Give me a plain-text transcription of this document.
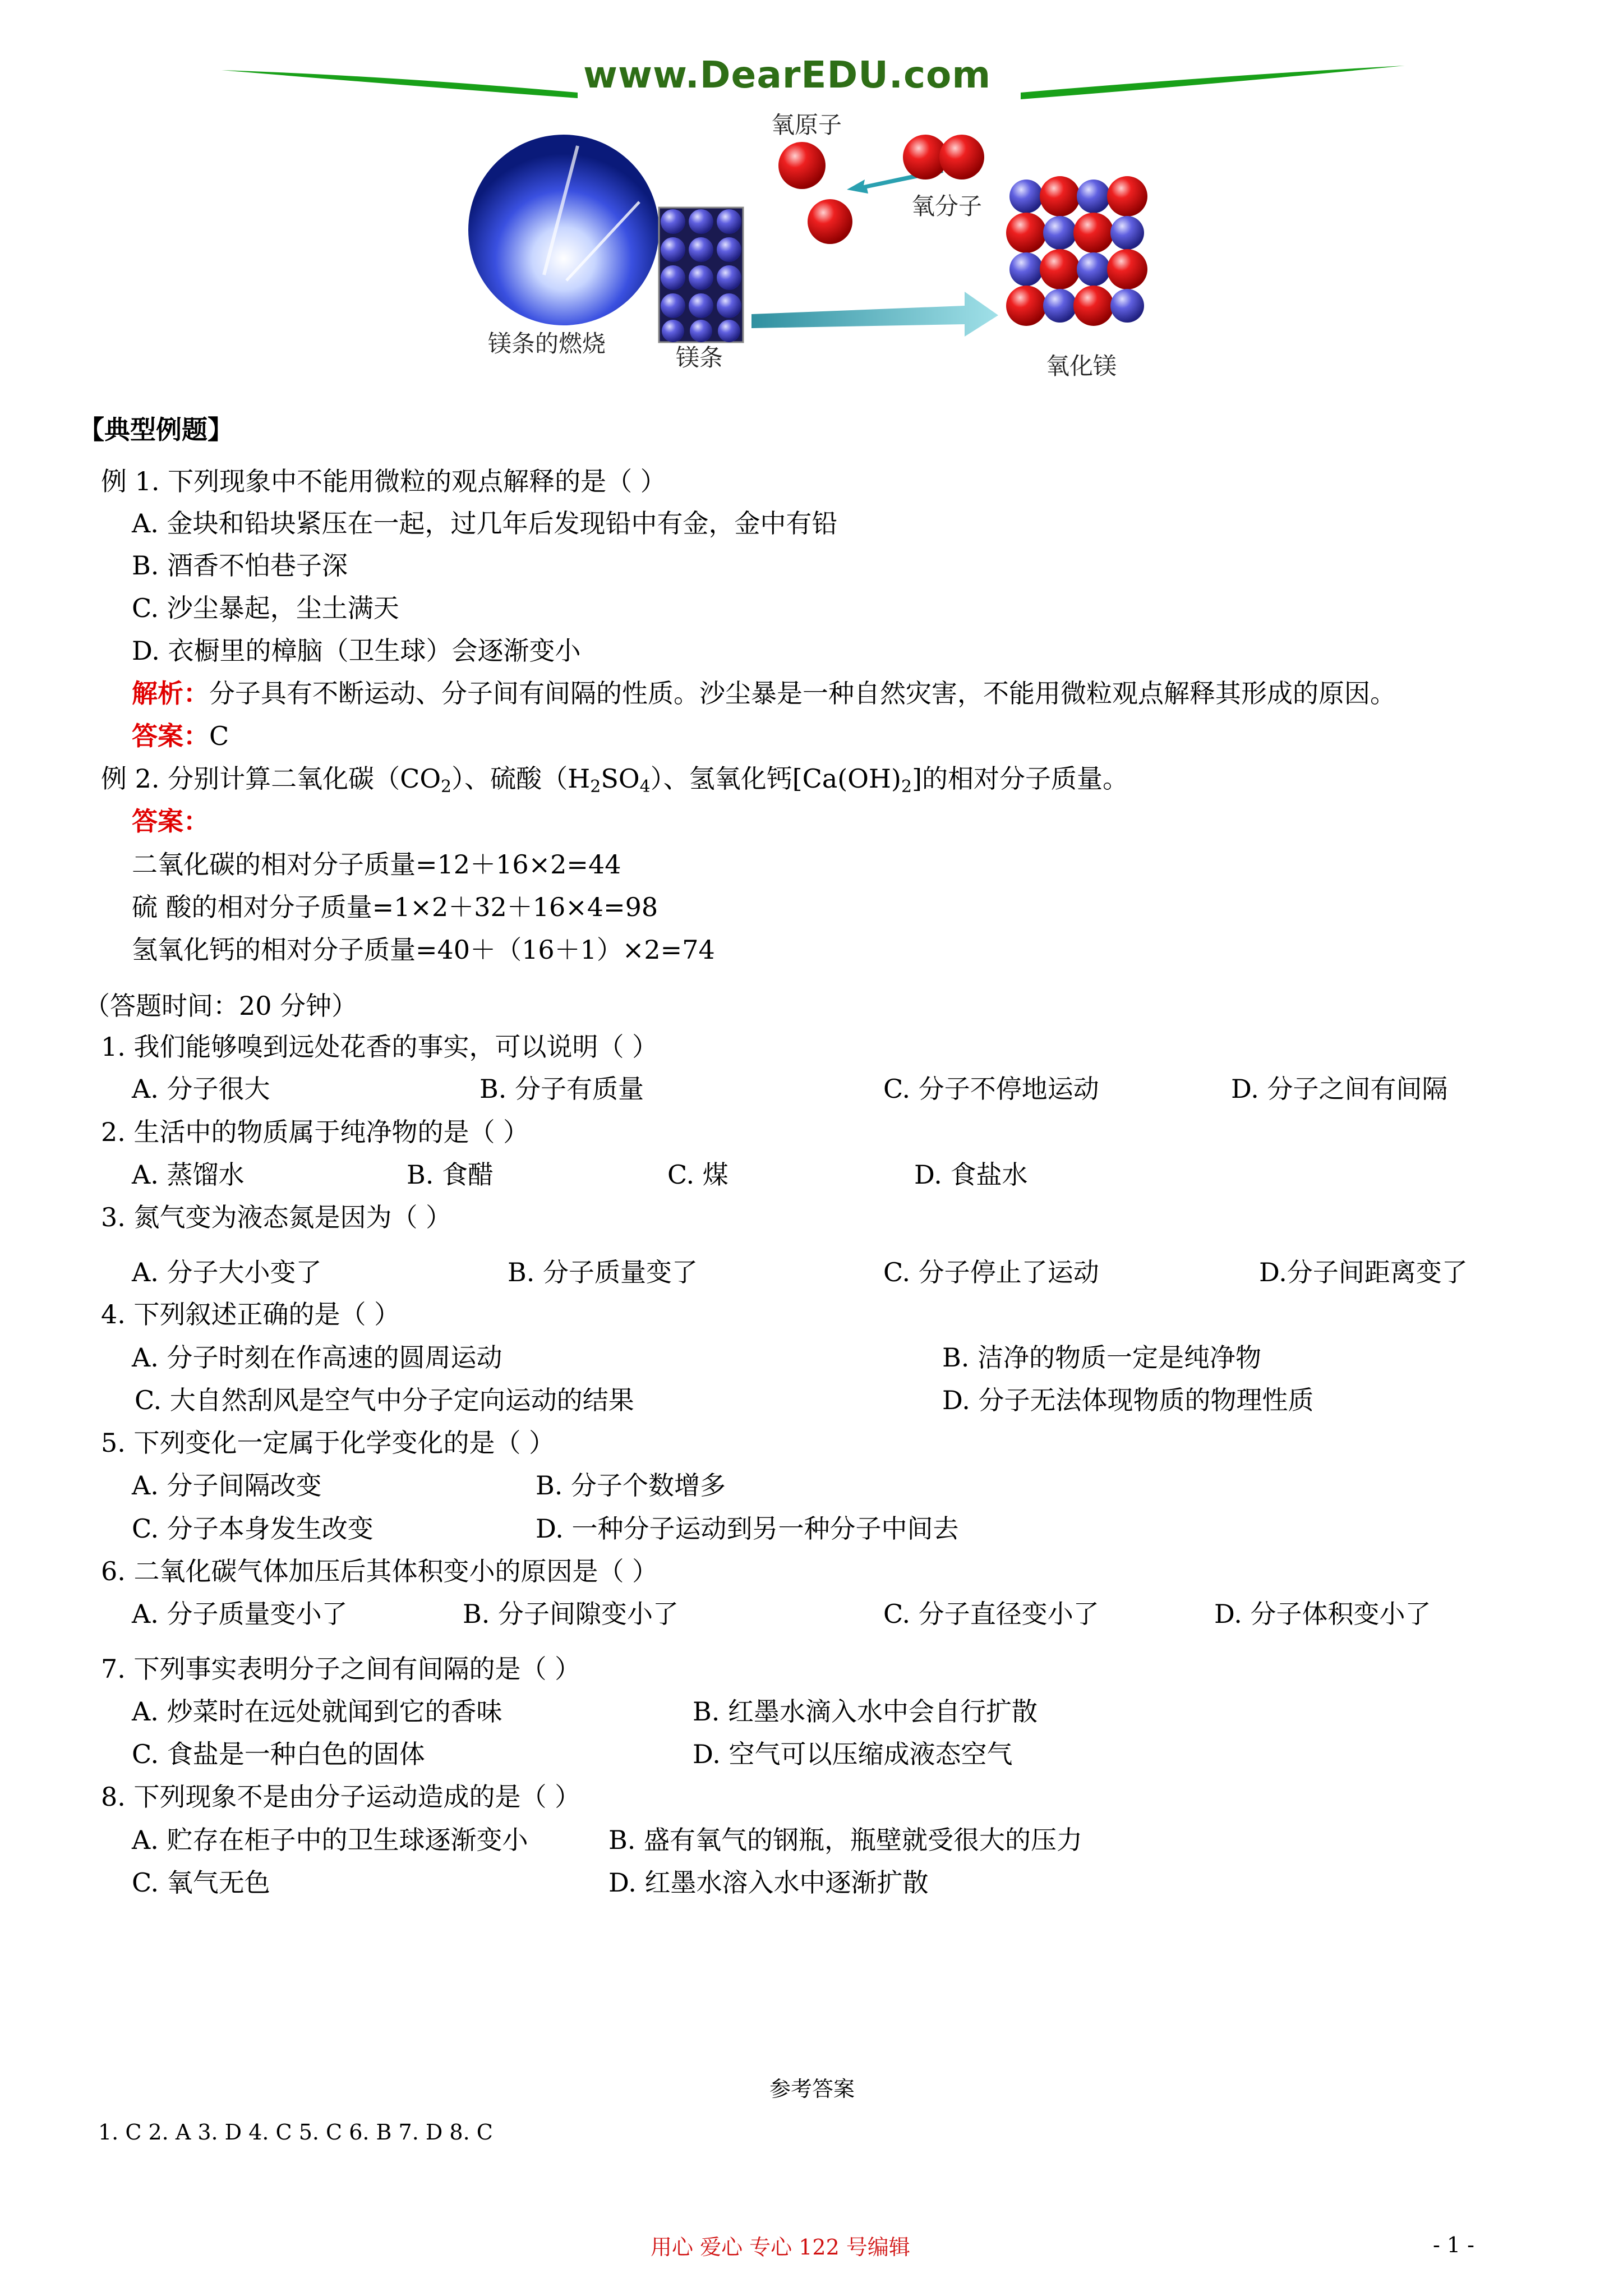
www.DearEDU.com
镁条的燃烧
镁条
氧原子
氧分子
氧化镁
【典型例题】
例 1. 下列现象中不能用微粒的观点解释的是（ ）
A. 金块和铅块紧压在一起，过几年后发现铅中有金，金中有铅
B. 酒香不怕巷子深
C. 沙尘暴起，尘土满天
D. 衣橱里的樟脑（卫生球）会逐渐变小
解析：分子具有不断运动、分子间有间隔的性质。沙尘暴是一种自然灾害，不能用微粒观点解释其形成的原因。
答案：C
例 2. 分别计算二氧化碳$(CO_2)$、硫酸$(H_2SO_4)$、氢氧化钙$[Ca(OH)_2]$的相对分子质量。
答案：
二氧化碳的相对分子质量=12＋16×2=44
硫 酸的相对分子质量=1×2＋32＋16×4=98
氢氧化钙的相对分子质量=40＋（16＋1）×2=74
（答题时间：20 分钟）
1. 我们能够嗅到远处花香的事实，可以说明（ ）
A. 分子很大	B. 分子有质量	C. 分子不停地运动	D. 分子之间有间隔
2. 生活中的物质属于纯净物的是（ ）
A. 蒸馏水	B. 食醋	C. 煤	D. 食盐水
3. 氮气变为液态氮是因为（ ）
A. 分子大小变了	B. 分子质量变了	C. 分子停止了运动	D.分子间距离变了
4. 下列叙述正确的是（ ）
A. 分子时刻在作高速的圆周运动	B. 洁净的物质一定是纯净物
C. 大自然刮风是空气中分子定向运动的结果	D. 分子无法体现物质的物理性质
5. 下列变化一定属于化学变化的是（ ）
A. 分子间隔改变	B. 分子个数增多
C. 分子本身发生改变	D. 一种分子运动到另一种分子中间去
6. 二氧化碳气体加压后其体积变小的原因是（ ）
A. 分子质量变小了	B. 分子间隙变小了	C. 分子直径变小了	D. 分子体积变小了
7. 下列事实表明分子之间有间隔的是（ ）
A. 炒菜时在远处就闻到它的香味	B. 红墨水滴入水中会自行扩散
C. 食盐是一种白色的固体	D. 空气可以压缩成液态空气
8. 下列现象不是由分子运动造成的是（ ）
A. 贮存在柜子中的卫生球逐渐变小	B. 盛有氧气的钢瓶，瓶壁就受很大的压力
C. 氧气无色	D. 红墨水溶入水中逐渐扩散
参考答案
1. C 2. A 3. D 4. C 5. C 6. B 7. D 8. C
用心 爱心 专心 122 号编辑	- 1 -
